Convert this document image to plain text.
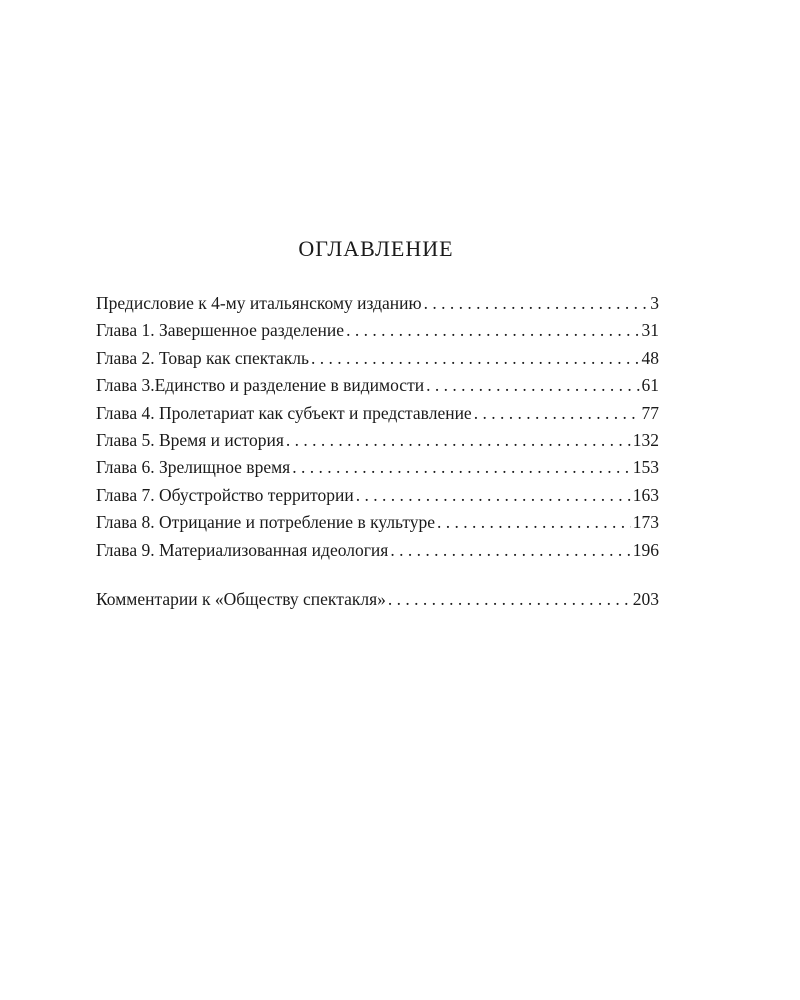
ОГЛАВЛЕНИЕ
Предисловие к 4-му итальянскому изданию . . .	3
Глава 1. Завершенное разделение . . .	31
Глава 2. Товар как спектакль . . .	48
Глава 3.Единство и разделение в видимости . . .	61
Глава 4. Пролетариат как субъект и представление . . .	77
Глава 5. Время и история . . .	132
Глава 6. Зрелищное время . . .	153
Глава 7. Обустройство территории . . .	163
Глава 8. Отрицание и потребление в культуре . . .	173
Глава 9. Материализованная идеология . . .	196
Комментарии к «Обществу спектакля» . . .	203
